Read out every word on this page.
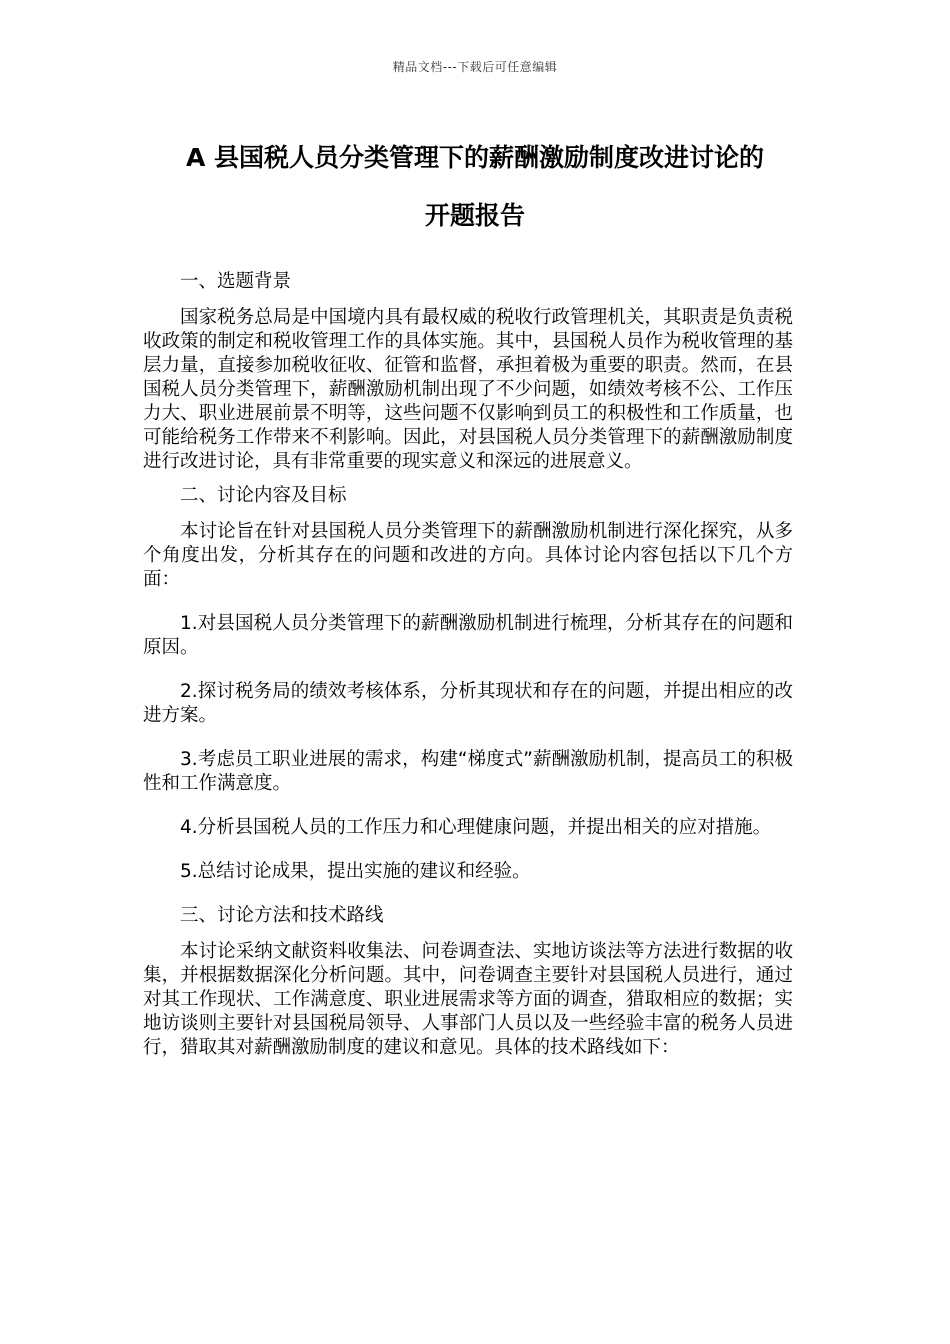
精品文档---下载后可任意编辑
A 县国税人员分类管理下的薪酬激励制度改进讨论的
开题报告

一、选题背景

国家税务总局是中国境内具有最权威的税收行政管理机关，其职责是负责税收政策的制定和税收管理工作的具体实施。其中，县国税人员作为税收管理的基层力量，直接参加税收征收、征管和监督，承担着极为重要的职责。然而，在县国税人员分类管理下，薪酬激励机制出现了不少问题，如绩效考核不公、工作压力大、职业进展前景不明等，这些问题不仅影响到员工的积极性和工作质量，也可能给税务工作带来不利影响。因此，对县国税人员分类管理下的薪酬激励制度进行改进讨论，具有非常重要的现实意义和深远的进展意义。

二、讨论内容及目标

本讨论旨在针对县国税人员分类管理下的薪酬激励机制进行深化探究，从多个角度出发，分析其存在的问题和改进的方向。具体讨论内容包括以下几个方面：

1.对县国税人员分类管理下的薪酬激励机制进行梳理，分析其存在的问题和原因。

2.探讨税务局的绩效考核体系，分析其现状和存在的问题，并提出相应的改进方案。

3.考虑员工职业进展的需求，构建“梯度式”薪酬激励机制，提高员工的积极性和工作满意度。

4.分析县国税人员的工作压力和心理健康问题，并提出相关的应对措施。

5.总结讨论成果，提出实施的建议和经验。

三、讨论方法和技术路线

本讨论采纳文献资料收集法、问卷调查法、实地访谈法等方法进行数据的收集，并根据数据深化分析问题。其中，问卷调查主要针对县国税人员进行，通过对其工作现状、工作满意度、职业进展需求等方面的调查，猎取相应的数据；实地访谈则主要针对县国税局领导、人事部门人员以及一些经验丰富的税务人员进行，猎取其对薪酬激励制度的建议和意见。具体的技术路线如下：
